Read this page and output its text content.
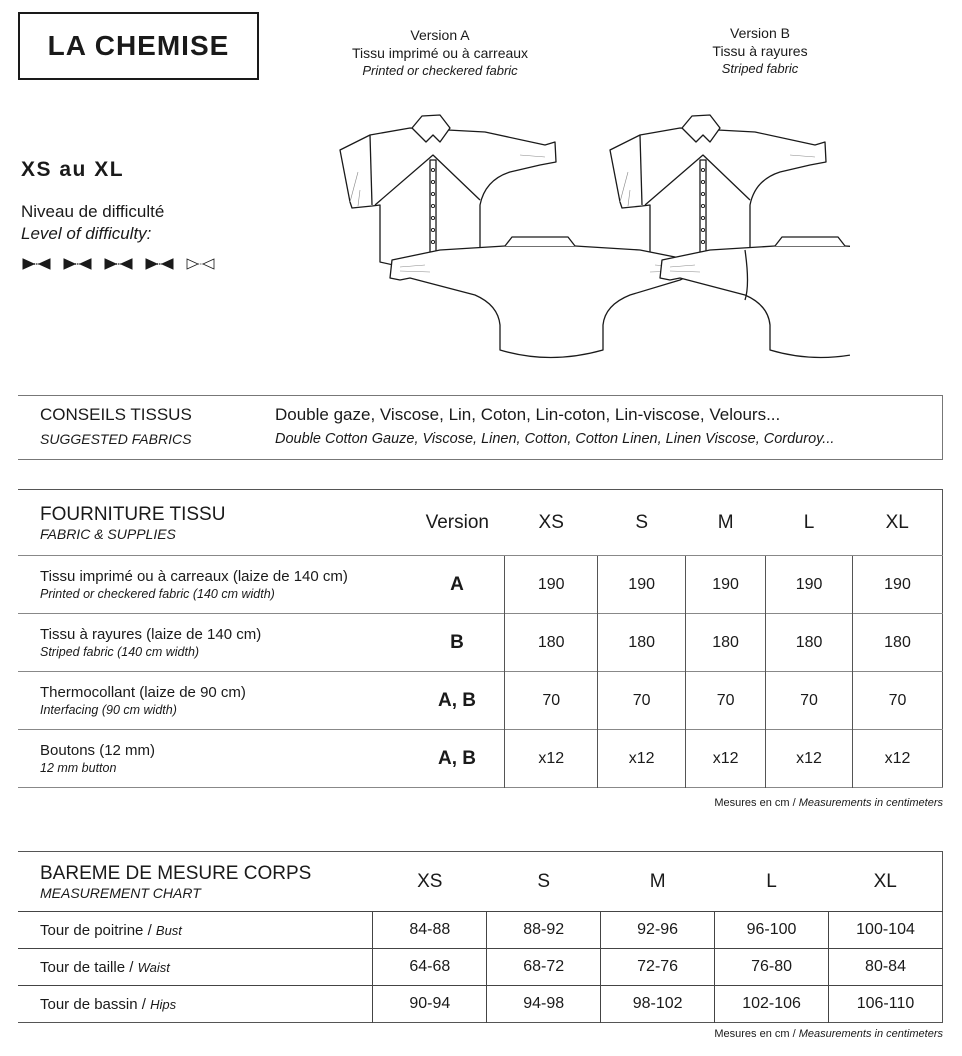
LA CHEMISE
XS au XL
Niveau de difficulté
Level of difficulty:
Version A
Tissu imprimé ou à carreaux
Printed or checkered fabric
Version B
Tissu à rayures
Striped fabric
CONSEILS TISSUS
SUGGESTED FABRICS
Double gaze, Viscose, Lin, Coton, Lin-coton, Lin-viscose, Velours...
Double Cotton Gauze, Viscose, Linen, Cotton, Cotton Linen, Linen Viscose, Corduroy...
FOURNITURE TISSU
FABRIC & SUPPLIES	Version	XS	S	M	L	XL

Tissu imprimé ou à carreaux (laize de 140 cm)
Printed or checkered fabric (140 cm width)	A	190	190	190	190	190

Tissu à rayures (laize de 140 cm)
Striped fabric (140 cm width)	B	180	180	180	180	180

Thermocollant (laize de 90 cm)
Interfacing (90 cm width)	A, B	70	70	70	70	70

Boutons (12 mm)
12 mm button	A, B	x12	x12	x12	x12	x12
Mesures en cm / Measurements in centimeters
BAREME DE MESURE CORPS
MEASUREMENT CHART	XS	S	M	L	XL
Tour de poitrine / Bust	84-88	88-92	92-96	96-100	100-104
Tour de taille / Waist	64-68	68-72	72-76	76-80	80-84
Tour de bassin / Hips	90-94	94-98	98-102	102-106	106-110
Mesures en cm / Measurements in centimeters
